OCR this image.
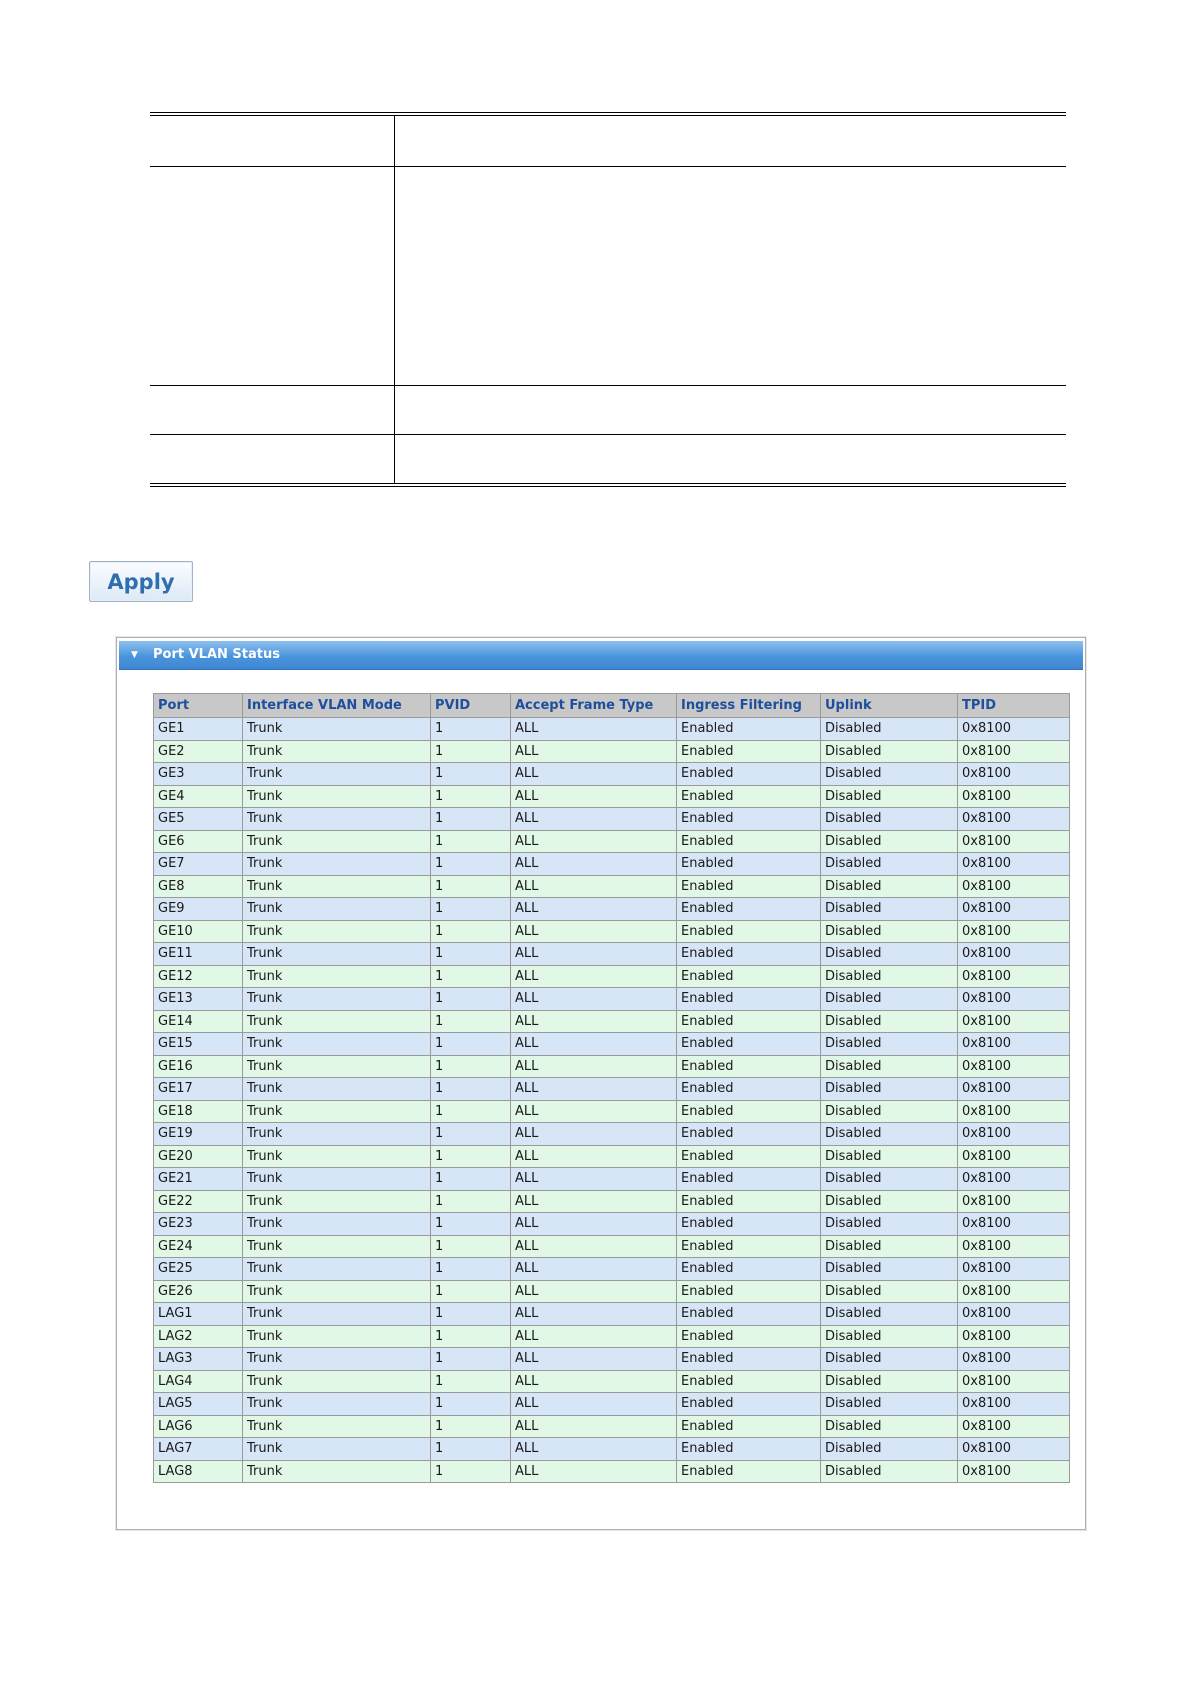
Apply
▼ Port VLAN Status
Port	Interface VLAN Mode	PVID	Accept Frame Type	Ingress Filtering	Uplink	TPID
GE1	Trunk	1	ALL	Enabled	Disabled	0x8100
GE2	Trunk	1	ALL	Enabled	Disabled	0x8100
GE3	Trunk	1	ALL	Enabled	Disabled	0x8100
GE4	Trunk	1	ALL	Enabled	Disabled	0x8100
GE5	Trunk	1	ALL	Enabled	Disabled	0x8100
GE6	Trunk	1	ALL	Enabled	Disabled	0x8100
GE7	Trunk	1	ALL	Enabled	Disabled	0x8100
GE8	Trunk	1	ALL	Enabled	Disabled	0x8100
GE9	Trunk	1	ALL	Enabled	Disabled	0x8100
GE10	Trunk	1	ALL	Enabled	Disabled	0x8100
GE11	Trunk	1	ALL	Enabled	Disabled	0x8100
GE12	Trunk	1	ALL	Enabled	Disabled	0x8100
GE13	Trunk	1	ALL	Enabled	Disabled	0x8100
GE14	Trunk	1	ALL	Enabled	Disabled	0x8100
GE15	Trunk	1	ALL	Enabled	Disabled	0x8100
GE16	Trunk	1	ALL	Enabled	Disabled	0x8100
GE17	Trunk	1	ALL	Enabled	Disabled	0x8100
GE18	Trunk	1	ALL	Enabled	Disabled	0x8100
GE19	Trunk	1	ALL	Enabled	Disabled	0x8100
GE20	Trunk	1	ALL	Enabled	Disabled	0x8100
GE21	Trunk	1	ALL	Enabled	Disabled	0x8100
GE22	Trunk	1	ALL	Enabled	Disabled	0x8100
GE23	Trunk	1	ALL	Enabled	Disabled	0x8100
GE24	Trunk	1	ALL	Enabled	Disabled	0x8100
GE25	Trunk	1	ALL	Enabled	Disabled	0x8100
GE26	Trunk	1	ALL	Enabled	Disabled	0x8100
LAG1	Trunk	1	ALL	Enabled	Disabled	0x8100
LAG2	Trunk	1	ALL	Enabled	Disabled	0x8100
LAG3	Trunk	1	ALL	Enabled	Disabled	0x8100
LAG4	Trunk	1	ALL	Enabled	Disabled	0x8100
LAG5	Trunk	1	ALL	Enabled	Disabled	0x8100
LAG6	Trunk	1	ALL	Enabled	Disabled	0x8100
LAG7	Trunk	1	ALL	Enabled	Disabled	0x8100
LAG8	Trunk	1	ALL	Enabled	Disabled	0x8100
